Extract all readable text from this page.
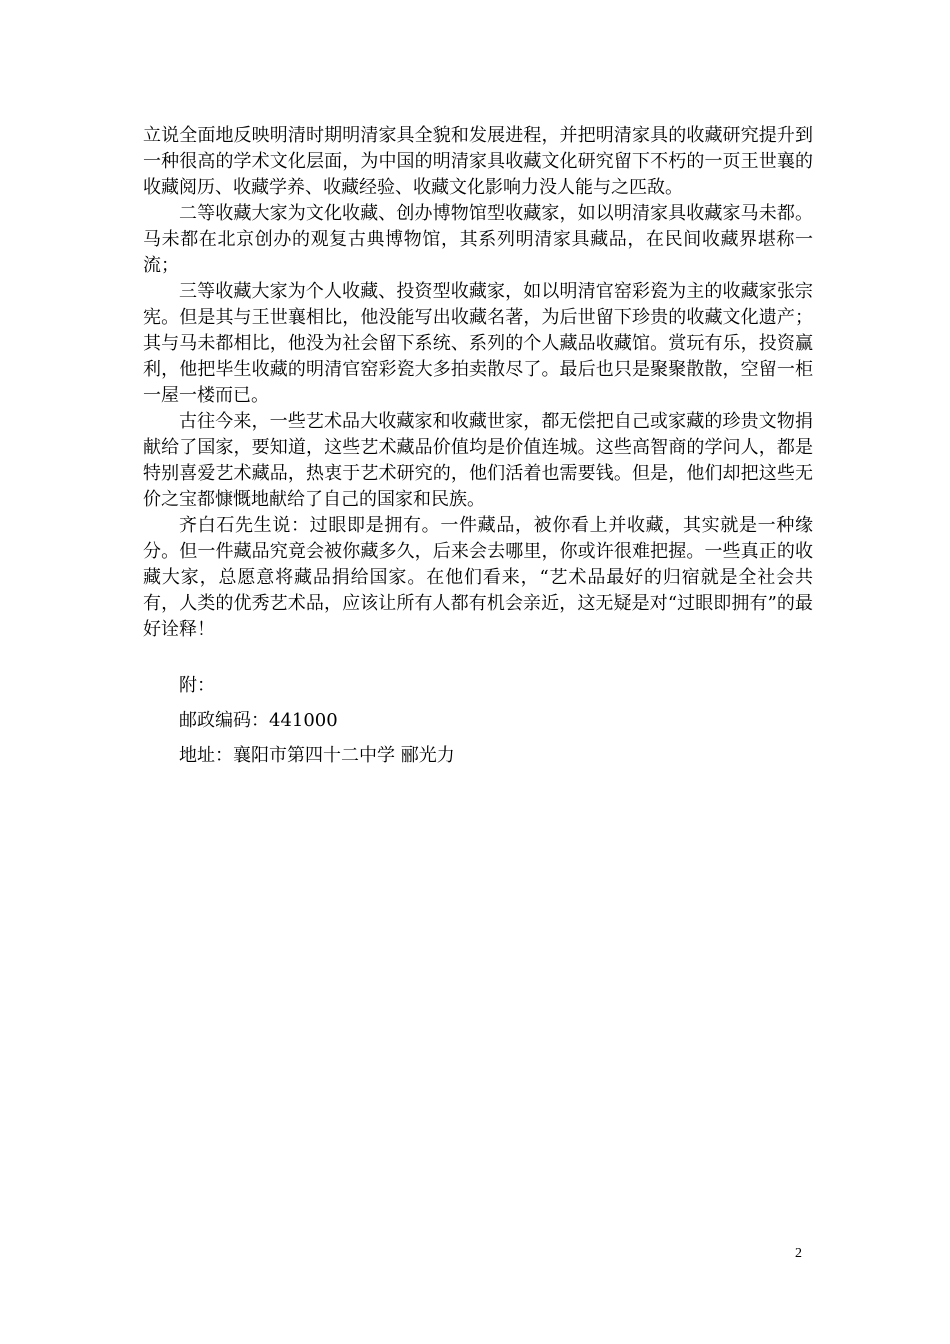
立说全面地反映明清时期明清家具全貌和发展进程，并把明清家具的收藏研究提升到一种很高的学术文化层面，为中国的明清家具收藏文化研究留下不朽的一页王世襄的收藏阅历、收藏学养、收藏经验、收藏文化影响力没人能与之匹敌。

二等收藏大家为文化收藏、创办博物馆型收藏家，如以明清家具收藏家马未都。马未都在北京创办的观复古典博物馆，其系列明清家具藏品，在民间收藏界堪称一流；

三等收藏大家为个人收藏、投资型收藏家，如以明清官窑彩瓷为主的收藏家张宗宪。但是其与王世襄相比，他没能写出收藏名著，为后世留下珍贵的收藏文化遗产；其与马未都相比，他没为社会留下系统、系列的个人藏品收藏馆。赏玩有乐，投资赢利，他把毕生收藏的明清官窑彩瓷大多拍卖散尽了。最后也只是聚聚散散，空留一柜一屋一楼而已。

古往今来，一些艺术品大收藏家和收藏世家，都无偿把自己或家藏的珍贵文物捐献给了国家，要知道，这些艺术藏品价值均是价值连城。这些高智商的学问人，都是特别喜爱艺术藏品，热衷于艺术研究的，他们活着也需要钱。但是，他们却把这些无价之宝都慷慨地献给了自己的国家和民族。

齐白石先生说：过眼即是拥有。一件藏品，被你看上并收藏，其实就是一种缘分。但一件藏品究竟会被你藏多久，后来会去哪里，你或许很难把握。一些真正的收藏大家，总愿意将藏品捐给国家。在他们看来，“艺术品最好的归宿就是全社会共有，人类的优秀艺术品，应该让所有人都有机会亲近，这无疑是对“过眼即拥有”的最好诠释！

附：
邮政编码：441000
地址：襄阳市第四十二中学 郦光力
2
